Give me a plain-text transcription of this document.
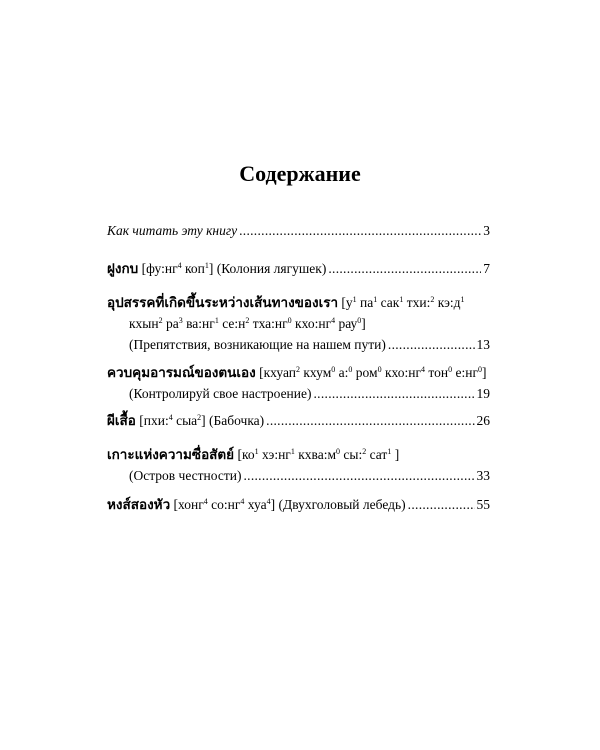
Содержание
Как читать эту книгу .....	3
ฝูงกบ [$фу:нг^4$ коп$^1$] (Колония лягушек) .....	7
อุปสรรคที่เกิดขึ้นระหว่างเส้นทางของเรา [$у^1$ $па^1$ сак$^1$ тхи:$^2$ $кэ:д^1$
кхын$^2$ $ра^3$ $ва:нг^1$ $се:н^2$ $тха:нг^0$ $кхо:нг^4$ рау$^0$]
(Препятствия, возникающие на нашем пути) .....	13
ควบคุมอารมณ์ของตนเอง [кхуап$^2$ кхум$^0$ а:$^0$ ром$^0$ $кхо:нг^4$ тон$^0$ $е:нг^0$]
(Контролируй свое настроение) .....	19
ผีเสื้อ [пхи:$^4$ сыа$^2$] (Бабочка) .....	26
เกาะแห่งความซื่อสัตย์ [$ко^1$ $хэ:нг^1$ $кхва:м^0$ сы:$^2$ сат$^1$ ]
(Остров честности) .....	33
หงส์สองหัว [хонг$^4$ $со:нг^4$ хуа$^4$] (Двухголовый лебедь) .....	55
